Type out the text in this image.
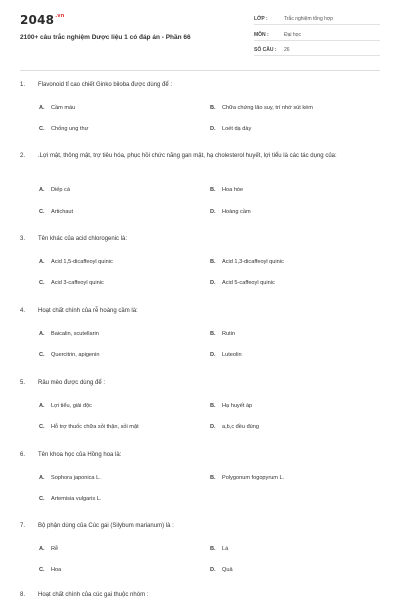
$2048^{.vn}$
2100+ câu trắc nghiệm Dược liệu 1 có đáp án - Phần 66
LỚP :	Trắc nghiệm tổng hợp
MÔN :	Đại học
SỐ CÂU : 26
1. Flavonoid tỉ cao chiết Ginko biloba được dùng để :
A. Cầm máu	B. Chữa chứng lão suy, trí nhớ sút kém
C. Chống ung thư	D. Loét dạ dày
2. .Lợi mật, thông mật, trợ tiêu hóa, phục hồi chức năng gan mật, hạ cholesterol huyết, lợi tiểu là các tác dụng của:
A. Diếp cá	B. Hoa hòe
C. Artichaut	D. Hoàng cầm
3. Tên khác của acid chlorogenic là:
A. Acid 1,5-dicaffeoyl quinic	B. Acid 1,3-dicaffeoyl quinic
C. Acid 3-caffeoyl quinic	D. Acid 5-caffeoyl quinic
4. Hoạt chất chính của rễ hoàng cầm là:
A. Baicalin, scutellarin	B. Rutin
C. Quercitrin, apigenin	D. Luteolin
5. Râu mèo được dùng để :
A. Lợi tiểu, giải độc	B. Hạ huyết áp
C. Hỗ trợ thuốc chữa sỏi thận, sỏi mật	D. a,b,c đều đúng
6. Tên khoa học của Hồng hoa là:
A. Sophora japonica L.	B. Polygonum fogopyrum L.
C. Artemisia vulgaris L.
7. Bộ phận dùng của Cúc gai (Silybum marianum) là :
A. Rễ	B. Lá
C. Hoa	D. Quả
8. Hoạt chất chính của cúc gai thuộc nhóm :
